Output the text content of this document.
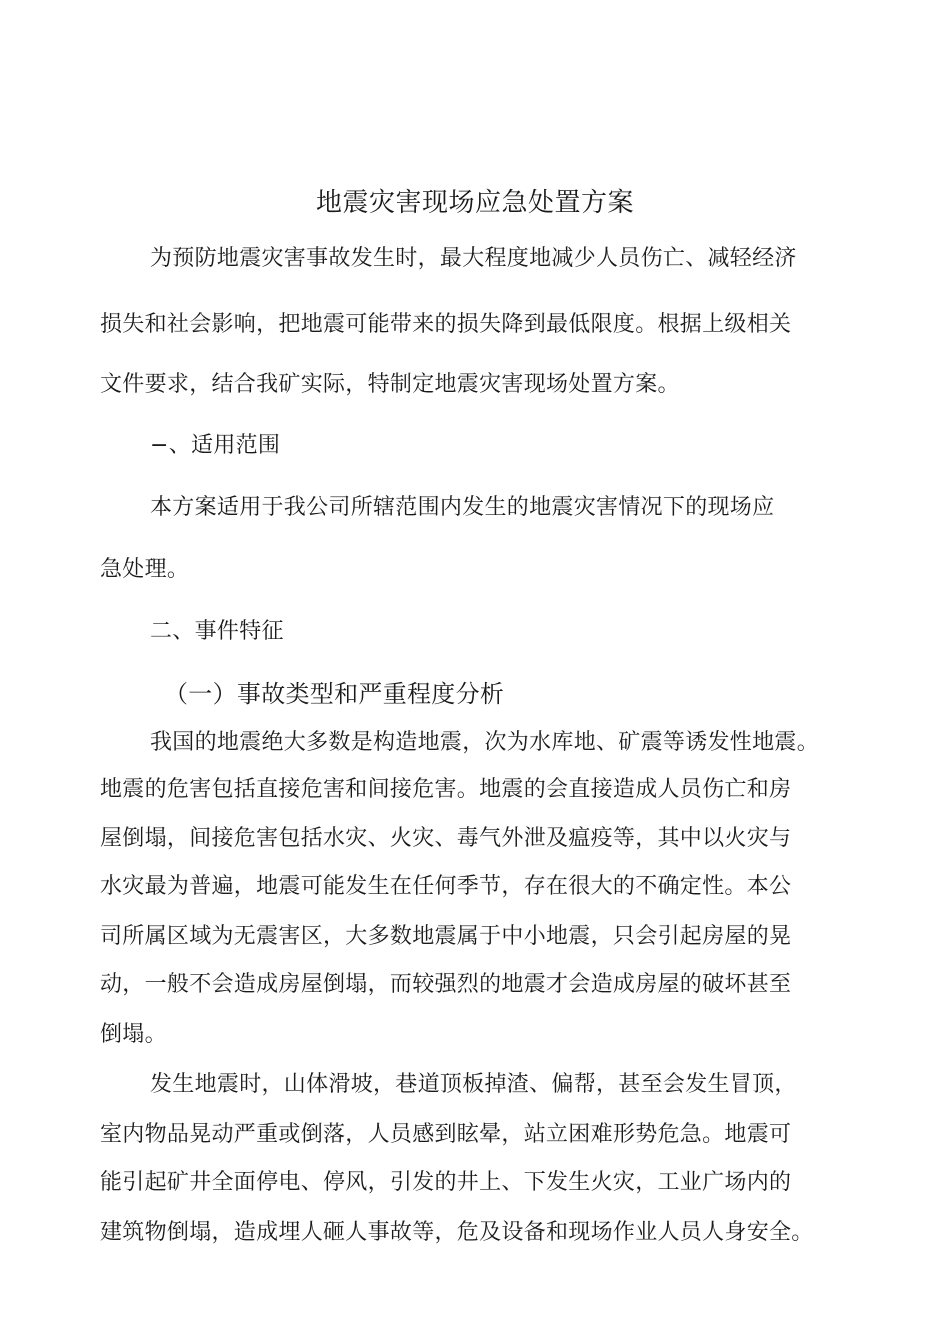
地震灾害现场应急处置方案
为预防地震灾害事故发生时，最大程度地减少人员伤亡、减轻经济
损失和社会影响，把地震可能带来的损失降到最低限度。根据上级相关
文件要求，结合我矿实际，特制定地震灾害现场处置方案。
−、适用范围
本方案适用于我公司所辖范围内发生的地震灾害情况下的现场应
急处理。
二、事件特征
（一）事故类型和严重程度分析
我国的地震绝大多数是构造地震，次为水库地、矿震等诱发性地震。
地震的危害包括直接危害和间接危害。地震的会直接造成人员伤亡和房
屋倒塌，间接危害包括水灾、火灾、毒气外泄及瘟疫等，其中以火灾与
水灾最为普遍，地震可能发生在任何季节，存在很大的不确定性。本公
司所属区域为无震害区，大多数地震属于中小地震，只会引起房屋的晃
动，一般不会造成房屋倒塌，而较强烈的地震才会造成房屋的破坏甚至
倒塌。
发生地震时，山体滑坡，巷道顶板掉渣、偏帮，甚至会发生冒顶，
室内物品晃动严重或倒落，人员感到眩晕，站立困难形势危急。地震可
能引起矿井全面停电、停风，引发的井上、下发生火灾，工业广场内的
建筑物倒塌，造成埋人砸人事故等，危及设备和现场作业人员人身安全。
